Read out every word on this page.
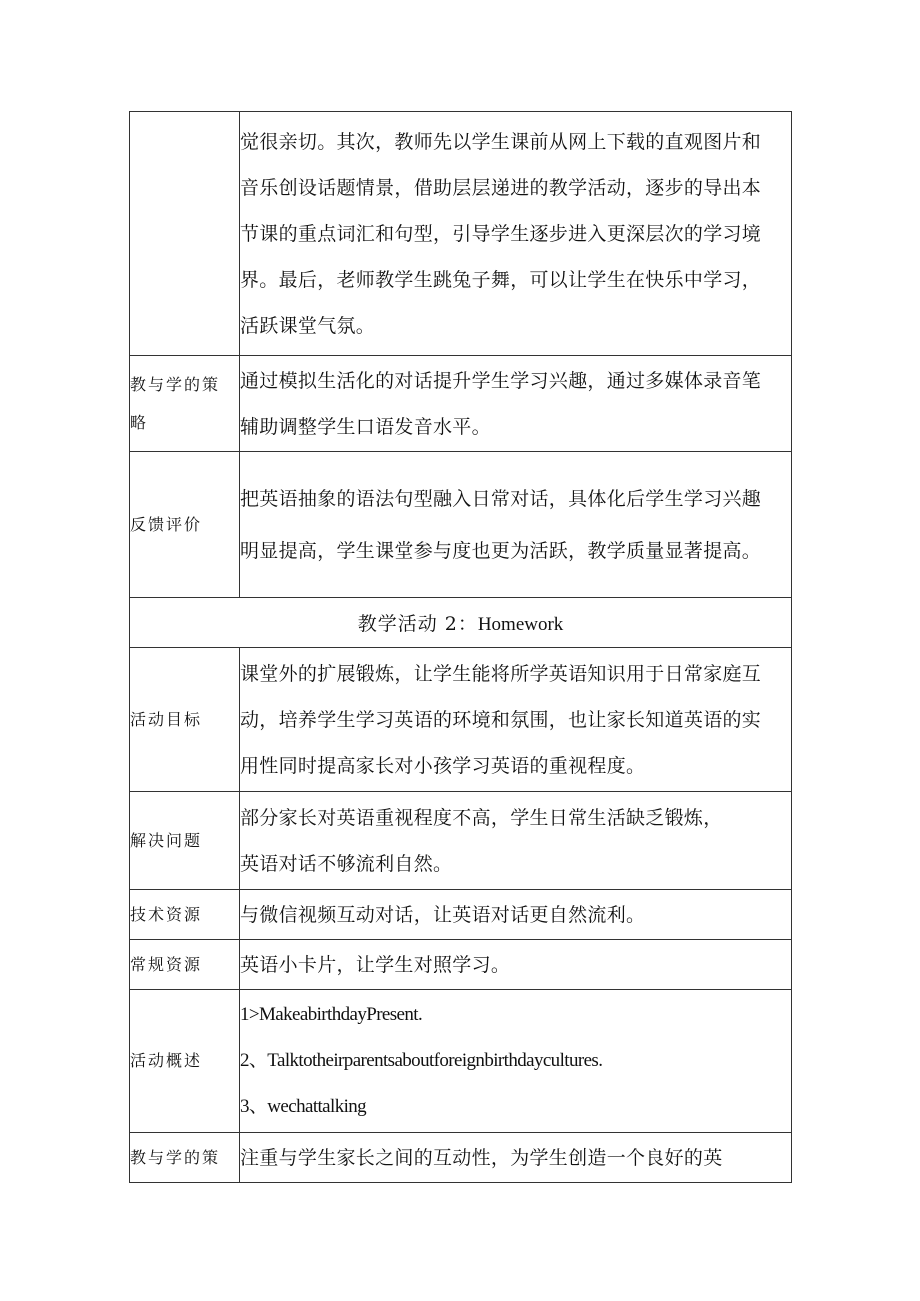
	觉很亲切。其次，教师先以学生课前从网上下载的直观图片和
音乐创设话题情景，借助层层递进的教学活动，逐步的导出本
节课的重点词汇和句型，引导学生逐步进入更深层次的学习境
界。最后，老师教学生跳兔子舞，可以让学生在快乐中学习，
活跃课堂气氛。

教与学的策
略	通过模拟生活化的对话提升学生学习兴趣，通过多媒体录音笔
辅助调整学生口语发音水平。

反馈评价	把英语抽象的语法句型融入日常对话，具体化后学生学习兴趣
明显提高，学生课堂参与度也更为活跃，教学质量显著提高。

教学活动 2：Homework	
活动目标	课堂外的扩展锻炼，让学生能将所学英语知识用于日常家庭互
动，培养学生学习英语的环境和氛围，也让家长知道英语的实
用性同时提高家长对小孩学习英语的重视程度。

解决问题	部分家长对英语重视程度不高，学生日常生活缺乏锻炼，
英语对话不够流利自然。

技术资源	与微信视频互动对话，让英语对话更自然流利。

常规资源	英语小卡片，让学生对照学习。

活动概述	1>MakeabirthdayPresent.
2、Talktotheirparentsaboutforeignbirthdaycultures.
3、wechattalking

教与学的策	注重与学生家长之间的互动性，为学生创造一个良好的英
